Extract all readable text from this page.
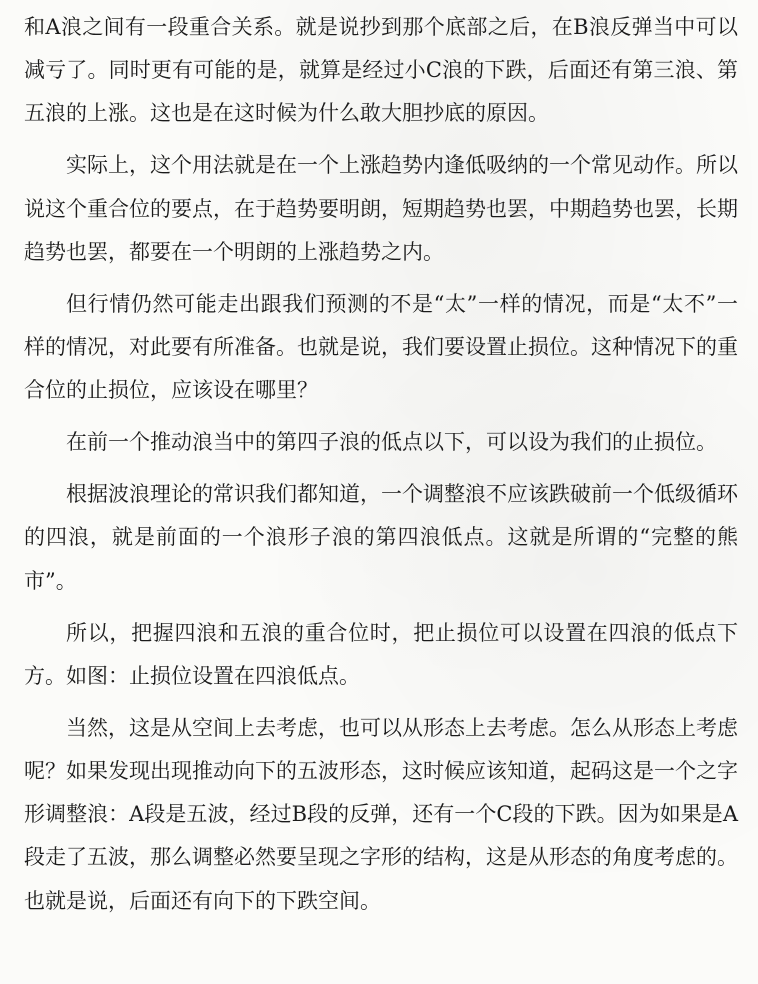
和A浪之间有一段重合关系。就是说抄到那个底部之后，在B浪反弹当中可以减亏了。同时更有可能的是，就算是经过小C浪的下跌，后面还有第三浪、第五浪的上涨。这也是在这时候为什么敢大胆抄底的原因。

实际上，这个用法就是在一个上涨趋势内逢低吸纳的一个常见动作。所以说这个重合位的要点，在于趋势要明朗，短期趋势也罢，中期趋势也罢，长期趋势也罢，都要在一个明朗的上涨趋势之内。

但行情仍然可能走出跟我们预测的不是“太”一样的情况，而是“太不”一样的情况，对此要有所准备。也就是说，我们要设置止损位。这种情况下的重合位的止损位，应该设在哪里？

在前一个推动浪当中的第四子浪的低点以下，可以设为我们的止损位。

根据波浪理论的常识我们都知道，一个调整浪不应该跌破前一个低级循环的四浪，就是前面的一个浪形子浪的第四浪低点。这就是所谓的“完整的熊市”。

所以，把握四浪和五浪的重合位时，把止损位可以设置在四浪的低点下方。如图：止损位设置在四浪低点。

当然，这是从空间上去考虑，也可以从形态上去考虑。怎么从形态上考虑呢？如果发现出现推动向下的五波形态，这时候应该知道，起码这是一个之字形调整浪：A段是五波，经过B段的反弹，还有一个C段的下跌。因为如果是A段走了五波，那么调整必然要呈现之字形的结构，这是从形态的角度考虑的。也就是说，后面还有向下的下跌空间。
